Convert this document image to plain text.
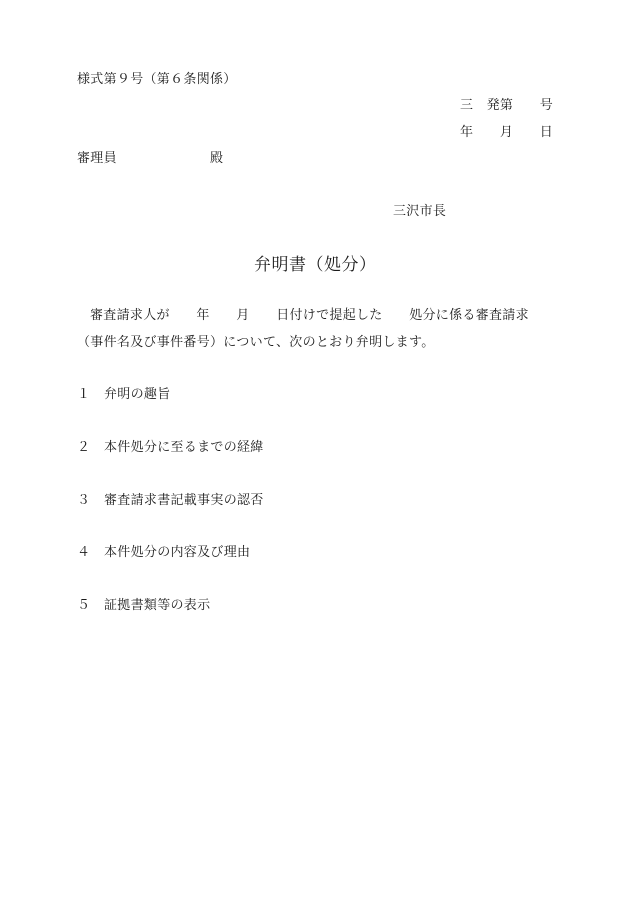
様式第９号（第６条関係）
三　発第　　号
年　　月　　日
審理員　　　　　　　殿
三沢市長
弁明書（処分）
審査請求人が　　年　　月　　日付けで提起した　　処分に係る審査請求
（事件名及び事件番号）について、次のとおり弁明します。
１ 弁明の趣旨
２ 本件処分に至るまでの経緯
３ 審査請求書記載事実の認否
４ 本件処分の内容及び理由
５ 証拠書類等の表示
